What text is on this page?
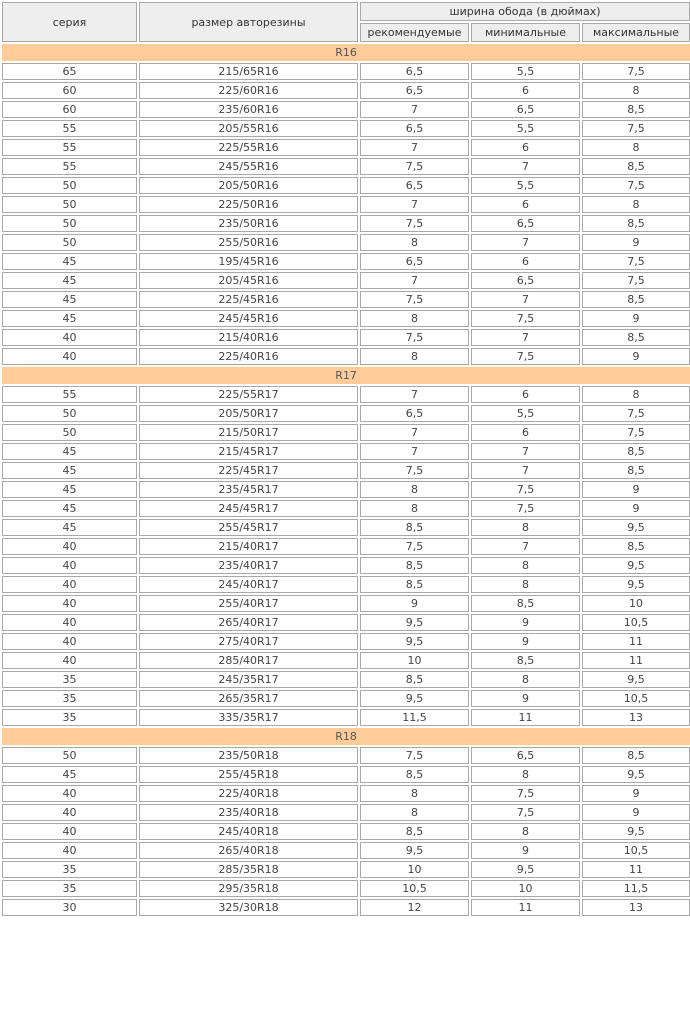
серия	размер авторезины	ширина обода (в дюймах)		
		рекомендуемые	минимальные	максимальные
R16				
65	215/65R16	6,5	5,5	7,5
60	225/60R16	6,5	6	8
60	235/60R16	7	6,5	8,5
55	205/55R16	6,5	5,5	7,5
55	225/55R16	7	6	8
55	245/55R16	7,5	7	8,5
50	205/50R16	6,5	5,5	7,5
50	225/50R16	7	6	8
50	235/50R16	7,5	6,5	8,5
50	255/50R16	8	7	9
45	195/45R16	6,5	6	7,5
45	205/45R16	7	6,5	7,5
45	225/45R16	7,5	7	8,5
45	245/45R16	8	7,5	9
40	215/40R16	7,5	7	8,5
40	225/40R16	8	7,5	9
R17				
55	225/55R17	7	6	8
50	205/50R17	6,5	5,5	7,5
50	215/50R17	7	6	7,5
45	215/45R17	7	7	8,5
45	225/45R17	7,5	7	8,5
45	235/45R17	8	7,5	9
45	245/45R17	8	7,5	9
45	255/45R17	8,5	8	9,5
40	215/40R17	7,5	7	8,5
40	235/40R17	8,5	8	9,5
40	245/40R17	8,5	8	9,5
40	255/40R17	9	8,5	10
40	265/40R17	9,5	9	10,5
40	275/40R17	9,5	9	11
40	285/40R17	10	8,5	11
35	245/35R17	8,5	8	9,5
35	265/35R17	9,5	9	10,5
35	335/35R17	11,5	11	13
R18				
50	235/50R18	7,5	6,5	8,5
45	255/45R18	8,5	8	9,5
40	225/40R18	8	7,5	9
40	235/40R18	8	7,5	9
40	245/40R18	8,5	8	9,5
40	265/40R18	9,5	9	10,5
35	285/35R18	10	9,5	11
35	295/35R18	10,5	10	11,5
30	325/30R18	12	11	13
